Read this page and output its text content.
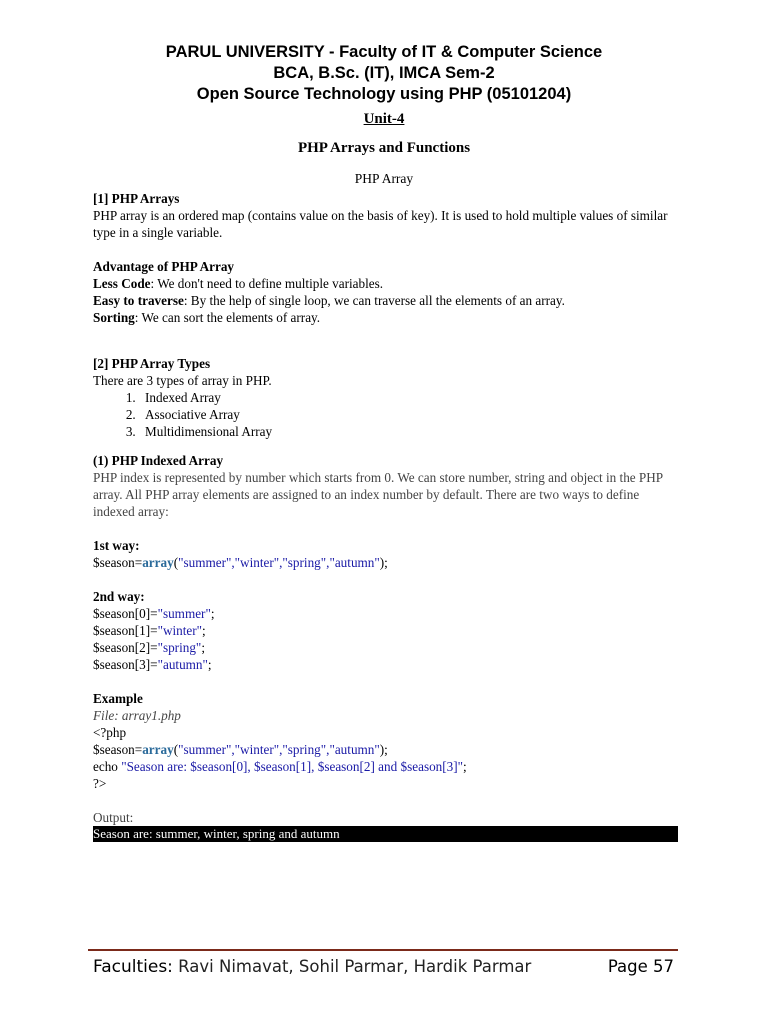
PARUL UNIVERSITY - Faculty of IT & Computer Science
BCA, B.Sc. (IT), IMCA Sem-2
Open Source Technology using PHP (05101204)
Unit-4
PHP Arrays and Functions
PHP Array

[1] PHP Arrays

PHP array is an ordered map (contains value on the basis of key). It is used to hold multiple values of similar type in a single variable.

Advantage of PHP Array

Less Code: We don't need to define multiple variables.

Easy to traverse: By the help of single loop, we can traverse all the elements of an array.

Sorting: We can sort the elements of array.

[2] PHP Array Types

There are 3 types of array in PHP.

1. Indexed Array
2. Associative Array
3. Multidimensional Array

(1) PHP Indexed Array

PHP index is represented by number which starts from 0. We can store number, string and object in the PHP array. All PHP array elements are assigned to an index number by default. There are two ways to define indexed array:

1st way:

$season=array("summer","winter","spring","autumn");

2nd way:

$season[0]="summer";

$season[1]="winter";

$season[2]="spring";

$season[3]="autumn";

Example

File: array1.php

<?php

$season=array("summer","winter","spring","autumn");

echo "Season are: $season[0], $season[1], $season[2] and $season[3]";

?>

Output:

Season are: summer, winter, spring and autumn
Faculties: Ravi Nimavat, Sohil Parmar, Hardik Parmar	Page 57
